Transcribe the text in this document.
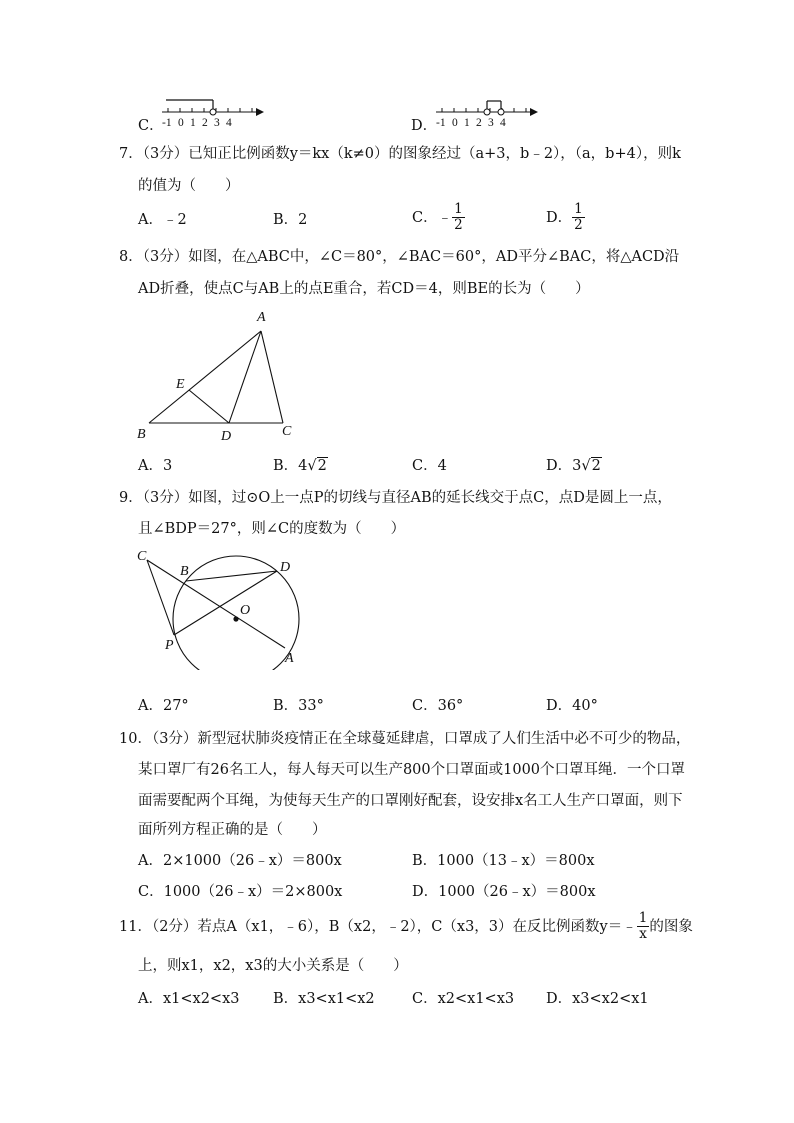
C．
-1 0 1 2 3 4	D．
-1 0 1 2 3 4
7．（3分）已知正比例函数y＝kx（k≠0）的图象经过（a+3，b﹣2），（a，b+4），则k
的值为（　　）
A．﹣2	B．2	C．﹣ $\frac{1}{2}$	D． $\frac{1}{2}$
8．（3分）如图，在△ABC中，∠C＝80°，∠BAC＝60°，AD平分∠BAC，将△ACD沿
AD折叠，使点C与AB上的点E重合，若CD＝4，则BE的长为（　　）
A
B	C
D
E
A．3	B．4√2	C．4	D．3√2
9．（3分）如图，过⊙O上一点P的切线与直径AB的延长线交于点C，点D是圆上一点，
且∠BDP＝27°，则∠C的度数为（　　）
C
B	D
O
P
A
A．27°	B．33°	C．36°	D．40°
10．（3分）新型冠状肺炎疫情正在全球蔓延肆虐，口罩成了人们生活中必不可少的物品，
某口罩厂有26名工人，每人每天可以生产800个口罩面或1000个口罩耳绳．一个口罩
面需要配两个耳绳，为使每天生产的口罩刚好配套，设安排x名工人生产口罩面，则下
面所列方程正确的是（　　）
A．2×1000（26﹣x）＝800x	B．1000（13﹣x）＝800x
C．1000（26﹣x）＝2×800x	D．1000（26﹣x）＝800x
11．（2分）若点A（x1，﹣6），B（x2，﹣2），C（x3，3）在反比例函数y＝﹣ $\frac{1}{x}$ 的图象
上，则x1，x2，x3的大小关系是（　　）
A．x1<x2<x3 B．x3<x1<x2	C．x2<x1<x3 D．x3<x2<x1
